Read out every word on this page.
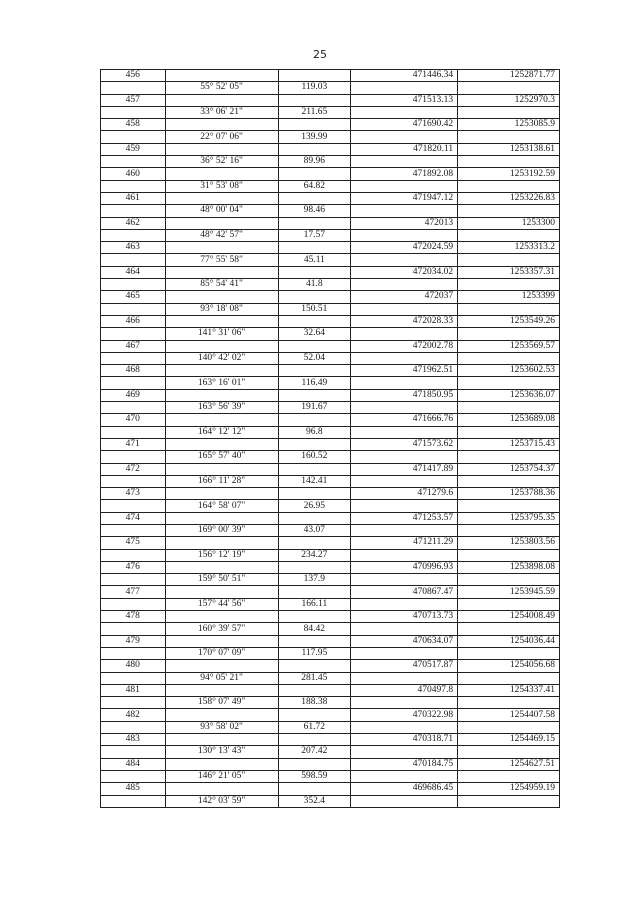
25
456			471446.34	1252871.77
	55° 52' 05"	119.03		
457			471513.13	1252970.3
	33° 06' 21"	211.65		
458			471690.42	1253085.9
	22° 07' 06"	139.99		
459			471820.11	1253138.61
	36° 52' 16"	89.96		
460			471892.08	1253192.59
	31° 53' 08"	64.82		
461			471947.12	1253226.83
	48° 00' 04"	98.46		
462			472013	1253300
	48° 42' 57"	17.57		
463			472024.59	1253313.2
	77° 55' 58"	45.11		
464			472034.02	1253357.31
	85° 54' 41"	41.8		
465			472037	1253399
	93° 18' 08"	150.51		
466			472028.33	1253549.26
	141° 31' 06"	32.64		
467			472002.78	1253569.57
	140° 42' 02"	52.04		
468			471962.51	1253602.53
	163° 16' 01"	116.49		
469			471850.95	1253636.07
	163° 56' 39"	191.67		
470			471666.76	1253689.08
	164° 12' 12"	96.8		
471			471573.62	1253715.43
	165° 57' 40"	160.52		
472			471417.89	1253754.37
	166° 11' 28"	142.41		
473			471279.6	1253788.36
	164° 58' 07"	26.95		
474			471253.57	1253795.35
	169° 00' 39"	43.07		
475			471211.29	1253803.56
	156° 12' 19"	234.27		
476			470996.93	1253898.08
	159° 50' 51"	137.9		
477			470867.47	1253945.59
	157° 44' 56"	166.11		
478			470713.73	1254008.49
	160° 39' 57"	84.42		
479			470634.07	1254036.44
	170° 07' 09"	117.95		
480			470517.87	1254056.68
	94° 05' 21"	281.45		
481			470497.8	1254337.41
	158° 07' 49"	188.38		
482			470322.98	1254407.58
	93° 58' 02"	61.72		
483			470318.71	1254469.15
	130° 13' 43"	207.42		
484			470184.75	1254627.51
	146° 21' 05"	598.59		
485			469686.45	1254959.19
	142° 03' 59"	352.4		
